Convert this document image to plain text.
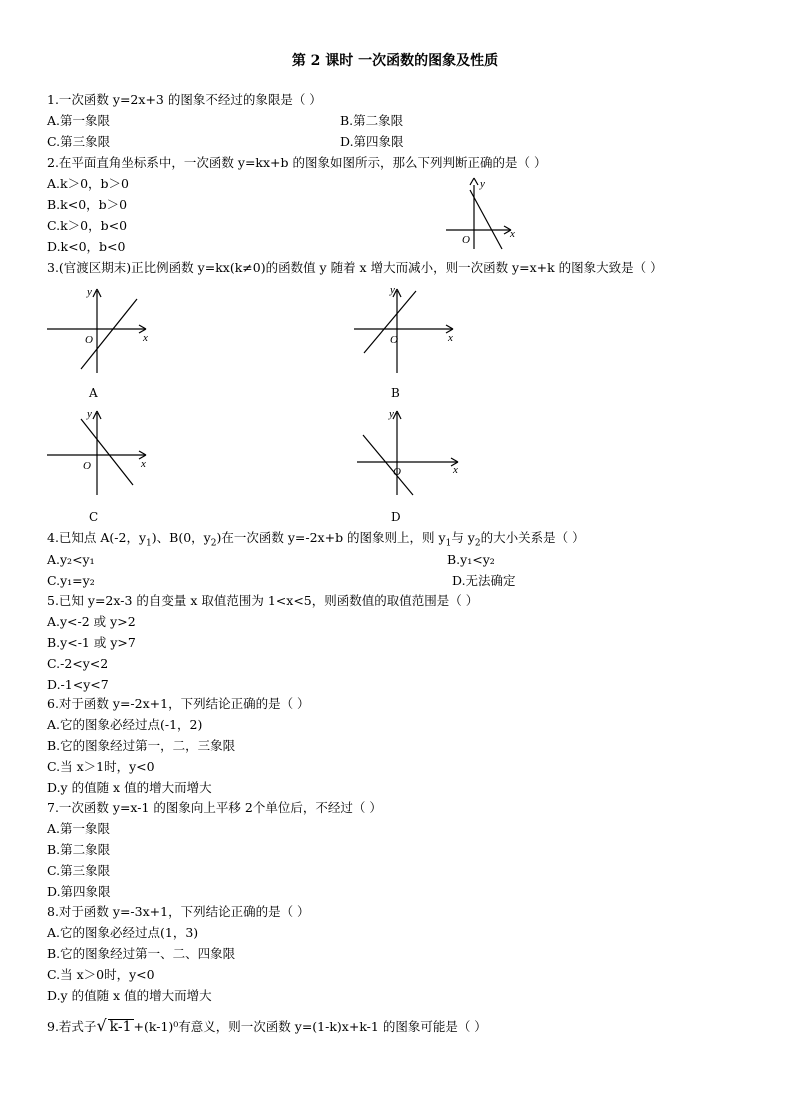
第 2 课时 一次函数的图象及性质
1.一次函数 y=2x+3 的图象不经过的象限是（ ）
A.第一象限	B.第二象限
C.第三象限	D.第四象限
2.在平面直角坐标系中，一次函数 y=kx+b 的图象如图所示，那么下列判断正确的是（ ）
A.k＞0，b＞0
B.k<0，b＞0
C.k＞0，b<0
D.k<0，b<0
y
x
O
3.(官渡区期末)正比例函数 y=kx(k≠0)的函数值 y 随着 x 增大而减小，则一次函数 y=x+k 的图象大致是（ ）
y
x
O
A
y
x
O
B
y
x
O
C
y
x
O
D
4.已知点 A(-2，$y_1$)、B(0，$y_2$)在一次函数 y=-2x+b 的图象则上，则 $y_1$与 $y_2$的大小关系是（ ）
A.y₂<y₁	B.y₁<y₂
C.y₁=y₂	D.无法确定
5.已知 y=2x-3 的自变量 x 取值范围为 1<x<5，则函数值的取值范围是（ ）
A.y<-2 或 y>2
B.y<-1 或 y>7
C.-2<y<2
D.-1<y<7
6.对于函数 y=-2x+1，下列结论正确的是（ ）
A.它的图象必经过点(-1，2)
B.它的图象经过第一，二，三象限
C.当 x＞1时，y<0
D.y 的值随 x 值的增大而增大
7.一次函数 y=x-1 的图象向上平移 2个单位后，不经过（ ）
A.第一象限
B.第二象限
C.第三象限
D.第四象限
8.对于函数 y=-3x+1，下列结论正确的是（ ）
A.它的图象必经过点(1，3)
B.它的图象经过第一、二、四象限
C.当 x＞0时，y<0
D.y 的值随 x 值的增大而增大
9.若式子√ k-1 +(k-1)⁰有意义，则一次函数 y=(1-k)x+k-1 的图象可能是（ ）
